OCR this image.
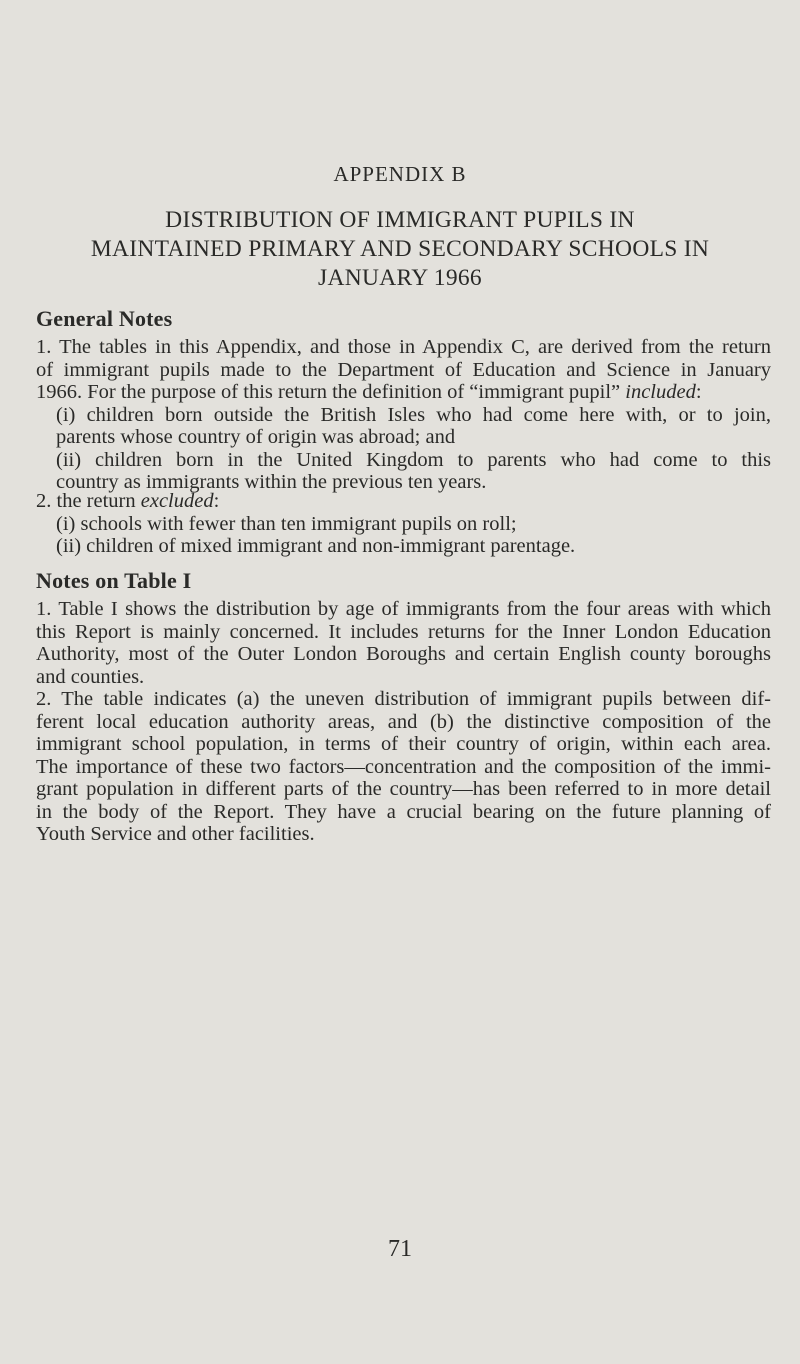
APPENDIX B
DISTRIBUTION OF IMMIGRANT PUPILS IN
MAINTAINED PRIMARY AND SECONDARY SCHOOLS IN
JANUARY 1966
General Notes
1. The tables in this Appendix, and those in Appendix C, are derived from the return
of immigrant pupils made to the Department of Education and Science in January
1966. For the purpose of this return the definition of “immigrant pupil” included:
(i) children born outside the British Isles who had come here with, or to join,
parents whose country of origin was abroad; and
(ii) children born in the United Kingdom to parents who had come to this
country as immigrants within the previous ten years.
2. the return excluded:
(i) schools with fewer than ten immigrant pupils on roll;
(ii) children of mixed immigrant and non-immigrant parentage.
Notes on Table I
1. Table I shows the distribution by age of immigrants from the four areas with which
this Report is mainly concerned. It includes returns for the Inner London Education
Authority, most of the Outer London Boroughs and certain English county boroughs
and counties.
2. The table indicates (a) the uneven distribution of immigrant pupils between dif-
ferent local education authority areas, and (b) the distinctive composition of the
immigrant school population, in terms of their country of origin, within each area.
The importance of these two factors—concentration and the composition of the immi-
grant population in different parts of the country—has been referred to in more detail
in the body of the Report. They have a crucial bearing on the future planning of
Youth Service and other facilities.
71
